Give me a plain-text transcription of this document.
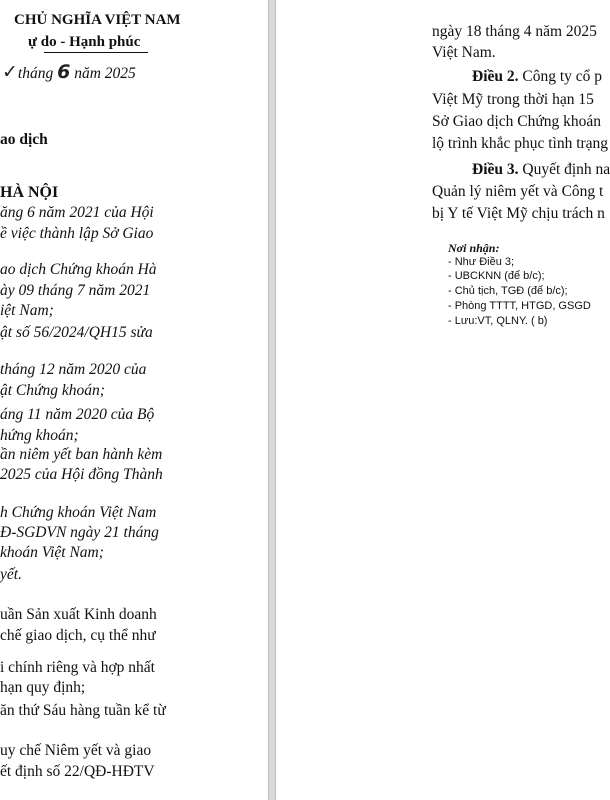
CHỦ NGHĨA VIỆT NAM
ự do - Hạnh phúc
✓tháng 6 năm 2025
ao dịch
HÀ NỘI
ăng 6 năm 2021 của Hội
ề việc thành lập Sở Giao
ao dịch Chứng khoán Hà
ày 09 tháng 7 năm 2021
iệt Nam;
ật số 56/2024/QH15 sửa
tháng 12 năm 2020 của
ật Chứng khoán;
áng 11 năm 2020 của Bộ
hứng khoán;
ần niêm yết ban hành kèm
2025 của Hội đồng Thành
h Chứng khoán Việt Nam
Đ-SGDVN ngày 21 tháng
khoán Việt Nam;
yết.
uần Sản xuất Kinh doanh
chế giao dịch, cụ thể như
i chính riêng và hợp nhất
hạn quy định;
ăn thứ Sáu hàng tuần kể từ
uy chế Niêm yết và giao
ết định số 22/QĐ-HĐTV
ngày 18 tháng 4 năm 2025
Việt Nam.
Điều 2. Công ty cổ p
Việt Mỹ trong thời hạn 15
Sở Giao dịch Chứng khoán
lộ trình khắc phục tình trạng
Điều 3. Quyết định na
Quản lý niêm yết và Công t
bị Y tế Việt Mỹ chịu trách n
Nơi nhận:
- Như Điều 3;
- UBCKNN (để b/c);
- Chủ tịch, TGĐ (để b/c);
- Phòng TTTT, HTGD, GSGD
- Lưu:VT, QLNY. ( b)
